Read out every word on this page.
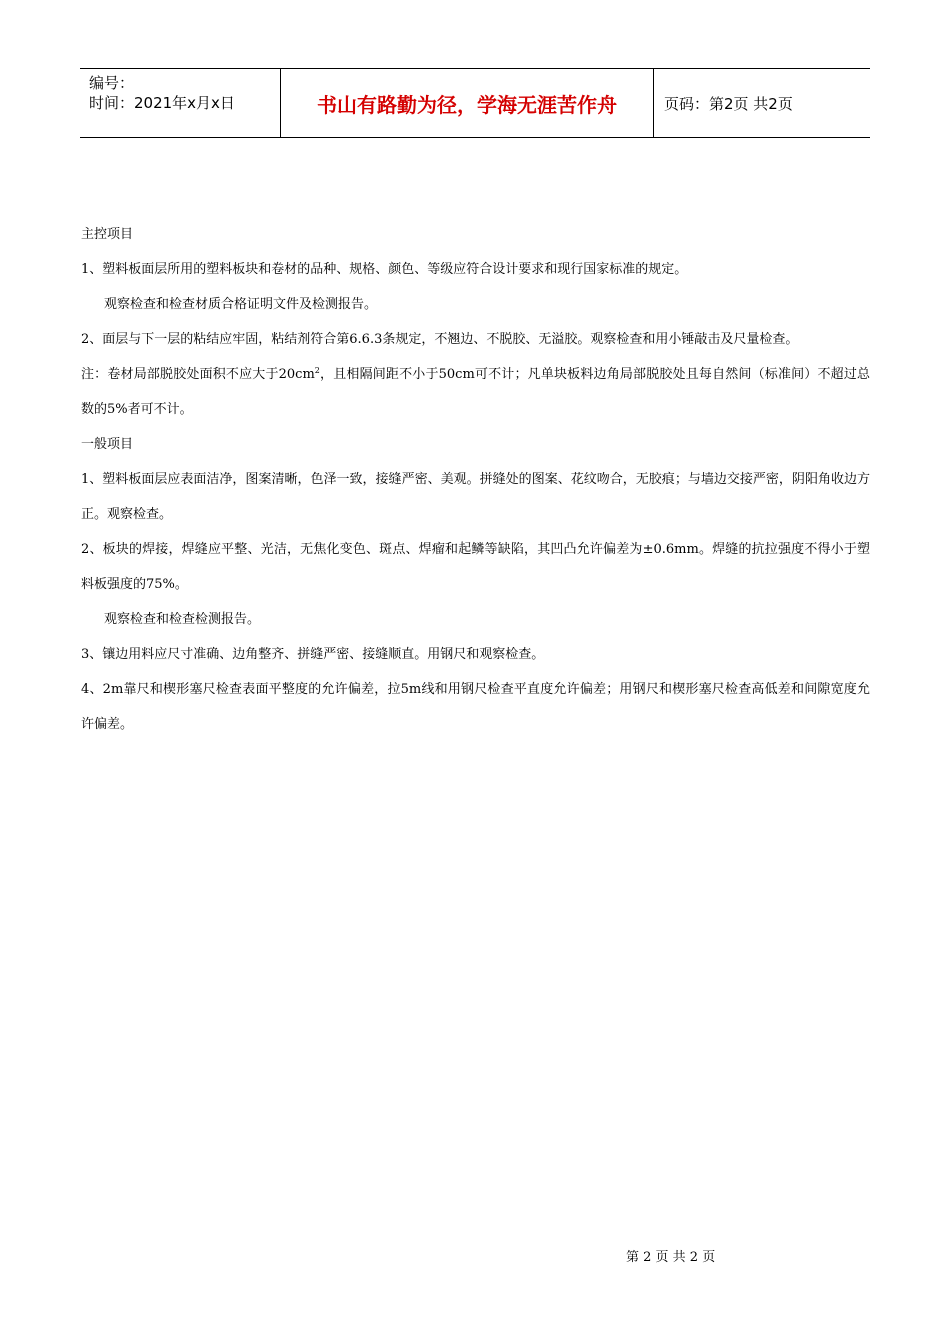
编号：
时间：2021年x月x日	书山有路勤为径，学海无涯苦作舟	页码：第2页 共2页

主控项目

1、塑料板面层所用的塑料板块和卷材的品种、规格、颜色、等级应符合设计要求和现行国家标准的规定。

观察检查和检查材质合格证明文件及检测报告。

2、面层与下一层的粘结应牢固，粘结剂符合第6.6.3条规定，不翘边、不脱胶、无溢胶。观察检查和用小锤敲击及尺量检查。

注：卷材局部脱胶处面积不应大于$20cm^2$，且相隔间距不小于50cm可不计；凡单块板料边角局部脱胶处且每自然间（标准间）不超过总数的5%者可不计。

一般项目

1、塑料板面层应表面洁净，图案清晰，色泽一致，接缝严密、美观。拼缝处的图案、花纹吻合，无胶痕；与墙边交接严密，阴阳角收边方正。观察检查。

2、板块的焊接，焊缝应平整、光洁，无焦化变色、斑点、焊瘤和起鳞等缺陷，其凹凸允许偏差为±0.6mm。焊缝的抗拉强度不得小于塑料板强度的75%。

观察检查和检查检测报告。

3、镶边用料应尺寸准确、边角整齐、拼缝严密、接缝顺直。用钢尺和观察检查。

4、2m靠尺和楔形塞尺检查表面平整度的允许偏差，拉5m线和用钢尺检查平直度允许偏差；用钢尺和楔形塞尺检查高低差和间隙宽度允许偏差。

第 2 页 共 2 页
